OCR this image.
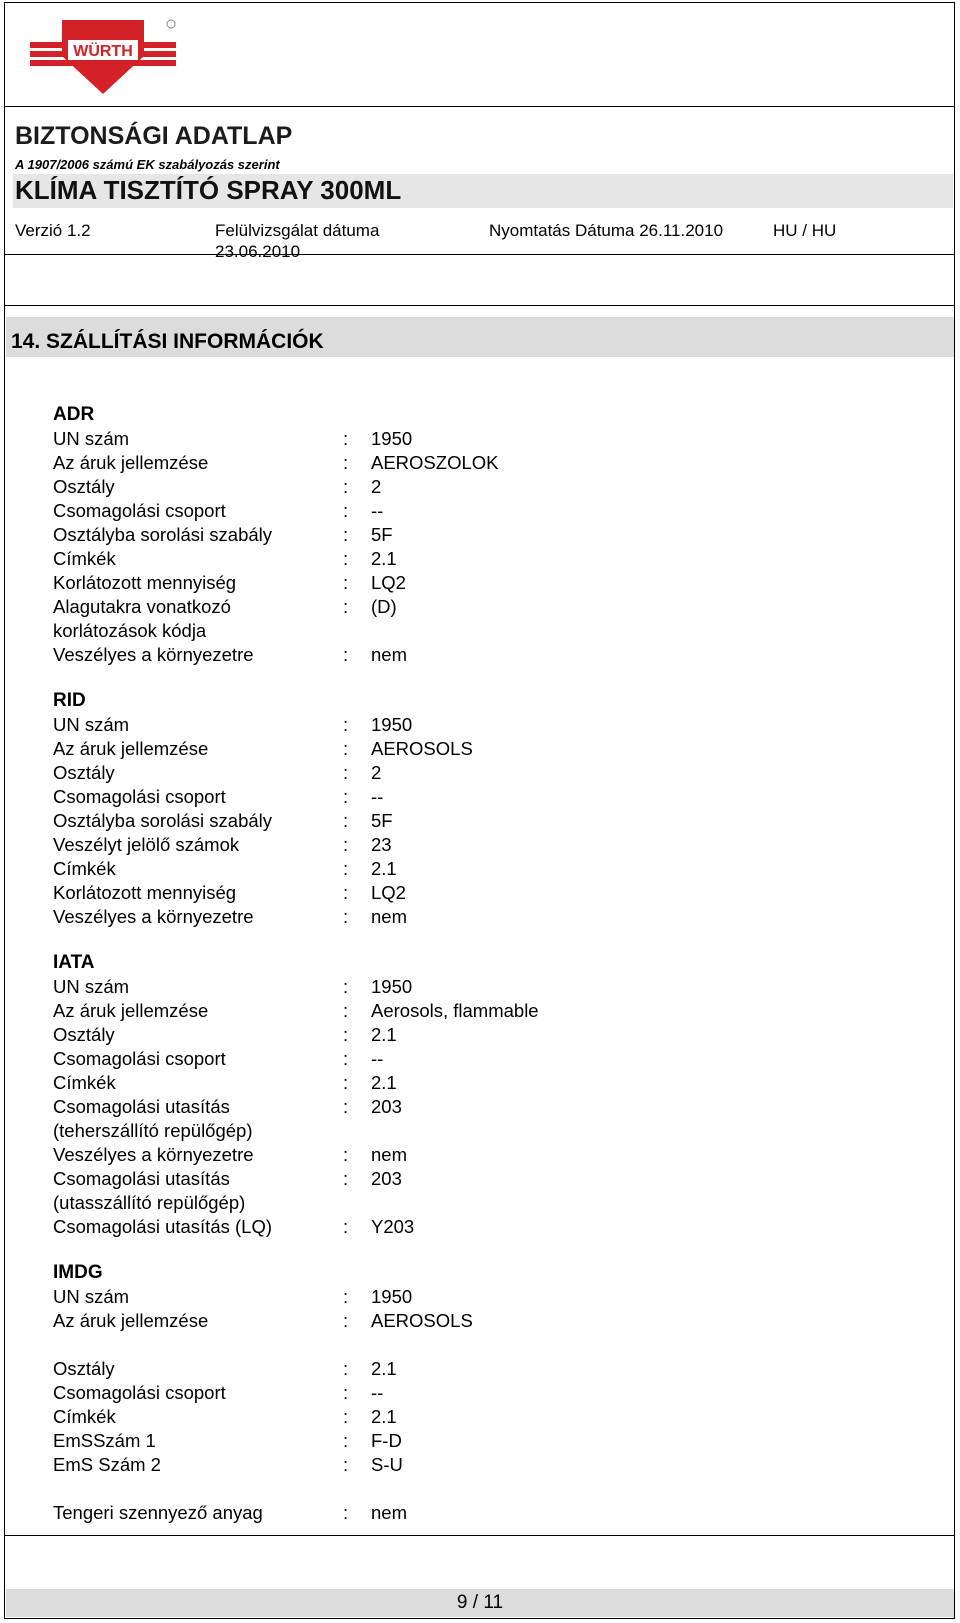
WÜRTH
BIZTONSÁGI ADATLAP
A 1907/2006 számú EK szabályozás szerint
KLÍMA TISZTÍTÓ SPRAY 300ML
Verzió 1.2	Felülvizsgálat dátuma
23.06.2010
Nyomtatás Dátuma 26.11.2010	HU / HU
14. SZÁLLÍTÁSI INFORMÁCIÓK
ADR
UN szám	:	1950
Az áruk jellemzése	:	AEROSZOLOK
Osztály	:	2
Csomagolási csoport	:	--
Osztályba sorolási szabály	:	5F
Címkék	:	2.1
Korlátozott mennyiség	:	LQ2
Alagutakra vonatkozó
korlátozások kódja
:	(D)
Veszélyes a környezetre	:	nem
RID
UN szám	:	1950
Az áruk jellemzése	:	AEROSOLS
Osztály	:	2
Csomagolási csoport	:	--
Osztályba sorolási szabály	:	5F
Veszélyt jelölő számok	:	23
Címkék	:	2.1
Korlátozott mennyiség	:	LQ2
Veszélyes a környezetre	:	nem
IATA
UN szám	:	1950
Az áruk jellemzése	:	Aerosols, flammable
Osztály	:	2.1
Csomagolási csoport	:	--
Címkék	:	2.1
Csomagolási utasítás
(teherszállító repülőgép)
:	203
Veszélyes a környezetre	:	nem
Csomagolási utasítás
(utasszállító repülőgép)
:	203
Csomagolási utasítás (LQ)	:	Y203
IMDG
UN szám	:	1950
Az áruk jellemzése	:	AEROSOLS
Osztály	:	2.1
Csomagolási csoport	:	--
Címkék	:	2.1
EmSSzám 1	:	F-D
EmS Szám 2	:	S-U
Tengeri szennyező anyag	:	nem
9 / 11
